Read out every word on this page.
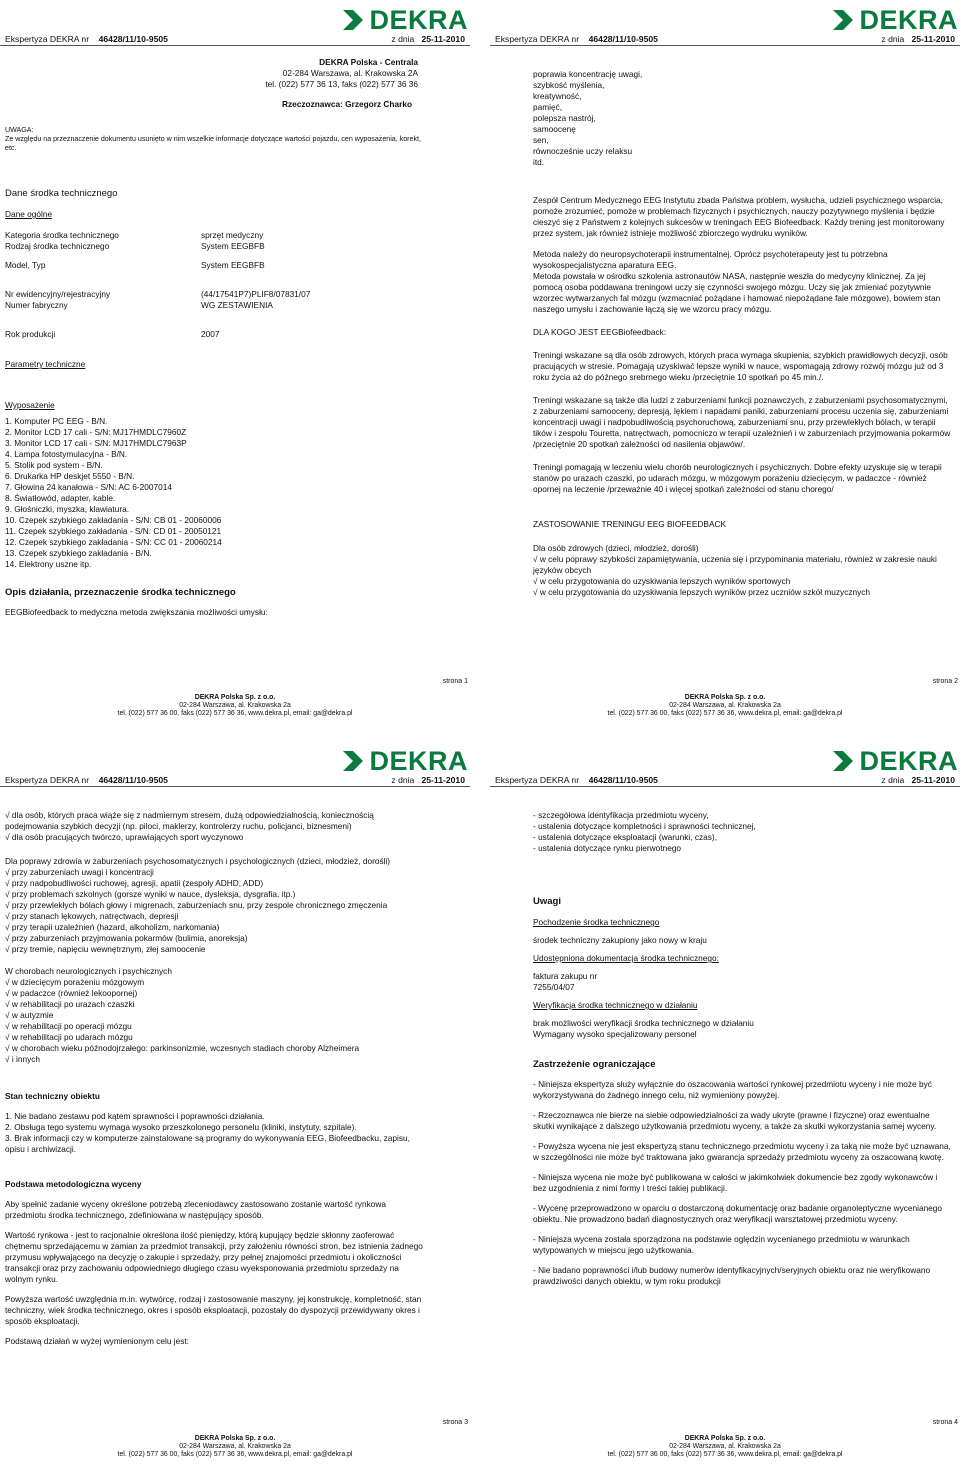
DEKRA
Ekspertyza DEKRA nr 46428/11/10-9505	z dnia 25-11-2010

DEKRA Polska - Centrala

02-284 Warszawa, al. Krakowska 2A

tel. (022) 577 36 13, faks (022) 577 36 36

Rzeczoznawca: Grzegorz Charko

UWAGA:

Ze względu na przeznaczenie dokumentu usunięto w nim wszelkie informacje dotyczące wartości pojazdu, cen wyposażenia, korekt, etc.

Dane środka technicznego

Dane ogólne

Kategoria środka technicznego	sprzęt medyczny
Rodzaj środka technicznego	System EEGBFB
Model, Typ	System EEGBFB
Nr ewidencyjny/rejestracyjny	(44/17541P7)PLIF8/07831/07
Numer fabryczny	WG ZESTAWIENIA
Rok produkcji	2007

Parametry techniczne

Wyposażenie

1. Komputer PC EEG - B/N.

2. Monitor LCD 17 cali - S/N: MJ17HMDLC7960Z

3. Monitor LCD 17 cali - S/N: MJ17HMDLC7963P

4. Lampa fotostymulacyjna - B/N.

5. Stolik pod system - B/N.

6. Drukarka HP deskjet 5550 - B/N.

7. Głowina 24 kanałowa - S/N: AC 6-2007014

8. Światłowód, adapter, kable.

9. Głośniczki, myszka, klawiatura.

10. Czepek szybkiego zakładania - S/N: CB 01 - 20060006

11. Czepek szybkiego zakładania - S/N: CD 01 - 20050121

12. Czepek szybkiego zakładania - S/N: CC 01 - 20060214

13. Czepek szybkiego zakładania - B/N.

14. Elektrony uszne itp.

Opis działania, przeznaczenie środka technicznego

EEGBiofeedback to medyczna metoda zwiększania możliwości umysłu:

strona 1
DEKRA Polska Sp. z o.o.
02-284 Warszawa, al. Krakowska 2a
tel. (022) 577 36 00, faks (022) 577 36 36, www.dekra.pl, email: ga@dekra.pl
DEKRA
Ekspertyza DEKRA nr 46428/11/10-9505	z dnia 25-11-2010

poprawia koncentrację uwagi,

szybkość myślenia,

kreatywność,

pamięć,

polepsza nastrój,

samoocenę

sen,

równocześnie uczy relaksu

itd.

Zespół Centrum Medycznego EEG Instytutu zbada Państwa problem, wysłucha, udzieli psychicznego wsparcia, pomoże zrozumieć, pomoże w problemach fizycznych i psychicznych, nauczy pozytywnego myślenia i będzie cieszyć się z Państwem z kolejnych sukcesów w treningach EEG Biofeedback. Każdy trening jest monitorowany przez system, jak również istnieje możliwość zbiorczego wydruku wyników.

Metoda należy do neuropsychoterapii instrumentalnej. Oprócz psychoterapeuty jest tu potrzebna wysokospecjalistyczna aparatura EEG.

Metoda powstała w ośrodku szkolenia astronautów NASA, następnie weszła do medycyny klinicznej. Za jej pomocą osoba poddawana treningowi uczy się czynności swojego mózgu. Uczy się jak zmieniać pozytywnie wzorzec wytwarzanych fal mózgu (wzmacniać pożądane i hamować niepożądane fale mózgowe), bowiem stan naszego umysłu i zachowanie łączą się we wzorcu pracy mózgu.

DLA KOGO JEST EEGBiofeedback:

Treningi wskazane są dla osób zdrowych, których praca wymaga skupienia, szybkich prawidłowych decyzji, osób pracujących w stresie. Pomagają uzyskiwać lepsze wyniki w nauce, wspomagają zdrowy rozwój mózgu już od 3 roku życia aż do późnego srebrnego wieku /przeciętnie 10 spotkań po 45 min./.

Treningi wskazane są także dla ludzi z zaburzeniami funkcji poznawczych, z zaburzeniami psychosomatycznymi, z zaburzeniami samooceny, depresją, lękiem i napadami paniki, zaburzeniami procesu uczenia się, zaburzeniami koncentracji uwagi i nadpobudliwością psychoruchową, zaburzeniami snu, przy przewlekłych bólach, w terapii tików i zespołu Touretta, natręctwach, pomocniczo w terapii uzależnień i w zaburzeniach przyjmowania pokarmów /przeciętnie 20 spotkań zależności od nasilenia objawów/.

Treningi pomagają w leczeniu wielu chorób neurologicznych i psychicznych. Dobre efekty uzyskuje się w terapii stanów po urazach czaszki, po udarach mózgu, w mózgowym porażeniu dziecięcym, w padaczce - również opornej na leczenie /przeważnie 40 i więcej spotkań zależności od stanu chorego/

ZASTOSOWANIE TRENINGU EEG BIOFEEDBACK

Dla osób zdrowych (dzieci, młodzież, dorośli)

√ w celu poprawy szybkości zapamiętywania, uczenia się i przypominania materiału, również w zakresie nauki języków obcych

√ w celu przygotowania do uzyskiwania lepszych wyników sportowych

√ w celu przygotowania do uzyskiwania lepszych wyników przez uczniów szkół muzycznych

strona 2
DEKRA Polska Sp. z o.o.
02-284 Warszawa, al. Krakowska 2a
tel. (022) 577 36 00, faks (022) 577 36 36, www.dekra.pl, email: ga@dekra.pl
DEKRA
Ekspertyza DEKRA nr 46428/11/10-9505	z dnia 25-11-2010

√ dla osób, których praca wiąże się z nadmiernym stresem, dużą odpowiedzialnością, koniecznością podejmowania szybkich decyzji (np. piloci, maklerzy, kontrolerzy ruchu, policjanci, biznesmeni)

√ dla osób pracujących twórczo, uprawiających sport wyczynowo

Dla poprawy zdrowia w zaburzeniach psychosomatycznych i psychologicznych (dzieci, młodzież, dorośli)

√ przy zaburzeniach uwagi i koncentracji

√ przy nadpobudliwości ruchowej, agresji, apatii (zespoły ADHD, ADD)

√ przy problemach szkolnych (gorsze wyniki w nauce, dysleksja, dysgrafia, itp.)

√ przy przewlekłych bólach głowy i migrenach, zaburzeniach snu, przy zespole chronicznego zmęczenia

√ przy stanach lękowych, natręctwach, depresji

√ przy terapii uzależnień (hazard, alkoholizm, narkomania)

√ przy zaburzeniach przyjmowania pokarmów (bulimia, anoreksja)

√ przy tremie, napięciu wewnętrznym, złej samoocenie

W chorobach neurologicznych i psychicznych

√ w dziecięcym porażeniu mózgowym

√ w padaczce (również lekoopornej)

√ w rehabilitacji po urazach czaszki

√ w autyzmie

√ w rehabilitacji po operacji mózgu

√ w rehabilitacji po udarach mózgu

√ w chorobach wieku późnodojrzałego: parkinsonizmie, wczesnych stadiach choroby Alzheimera

√ i innych

Stan techniczny obiektu

1. Nie badano zestawu pod kątem sprawności i poprawności działania.

2. Obsługa tego systemu wymaga wysoko przeszkolonego personelu (kliniki, instytuty, szpitale).

3. Brak informacji czy w komputerze zainstalowane są programy do wykonywania EEG, Biofeedbacku, zapisu, opisu i archiwizacji.

Podstawa metodologiczna wyceny

Aby spełnić zadanie wyceny określone potrzebą zleceniodawcy zastosowano zostanie wartość rynkowa przedmiotu środka technicznego, zdefiniowana w następujący sposób.

Wartość rynkowa - jest to racjonalnie określona ilość pieniędzy, którą kupujący będzie skłonny zaoferować chętnemu sprzedającemu w zamian za przedmiot transakcji, przy założeniu równości stron, bez istnienia żadnego przymusu wpływającego na decyzję o zakupie i sprzedaży, przy pełnej znajomości przedmiotu i okoliczności transakcji oraz przy zachowaniu odpowiedniego długiego czasu wyeksponowania przedmiotu sprzedaży na wolnym rynku.

Powyższa wartość uwzględnia m.in. wytwórcę, rodzaj i zastosowanie maszyny, jej konstrukcję, kompletność, stan techniczny, wiek środka technicznego, okres i sposób eksploatacji, pozostały do dyspozycji przewidywany okres i sposób eksploatacji.

Podstawą działań w wyżej wymienionym celu jest:

strona 3
DEKRA Polska Sp. z o.o.
02-284 Warszawa, al. Krakowska 2a
tel. (022) 577 36 00, faks (022) 577 36 36, www.dekra.pl, email: ga@dekra.pl
DEKRA
Ekspertyza DEKRA nr 46428/11/10-9505	z dnia 25-11-2010

- szczegółowa identyfikacja przedmiotu wyceny,

- ustalenia dotyczące kompletności i sprawności technicznej,

- ustalenia dotyczące eksploatacji (warunki, czas),

- ustalenia dotyczące rynku pierwotnego

Uwagi

Pochodzenie środka technicznego

środek techniczny zakupiony jako nowy w kraju

Udostępniona dokumentacja środka technicznego:

faktura zakupu nr

7255/04/07

Weryfikacja środka technicznego w działaniu

brak możliwości weryfikacji środka technicznego w działaniu

Wymagany wysoko specjalizowany personel

Zastrzeżenie ograniczające

- Niniejsza ekspertyza służy wyłącznie do oszacowania wartości rynkowej przedmiotu wyceny i nie może być wykorzystywana do żadnego innego celu, niż wymieniony powyżej.

- Rzeczoznawca nie bierze na siebie odpowiedzialności za wady ukryte (prawne i fizyczne) oraz ewentualne skutki wynikające z dalszego użytkowania przedmiotu wyceny, a także za skutki wykorzystania samej wyceny.

- Powyższa wycena nie jest ekspertyzą stanu technicznego przedmiotu wyceny i za taką nie może być uznawana, w szczególności nie może być traktowana jako gwarancja sprzedaży przedmiotu wyceny za oszacowaną kwotę.

- Niniejsza wycena nie może być publikowana w całości w jakimkolwiek dokumencie bez zgody wykonawców i bez uzgodnienia z nimi formy i treści takiej publikacji.

- Wycenę przeprowadzono w oparciu o dostarczoną dokumentację oraz badanie organoleptyczne wycenianego obiektu. Nie prowadzono badań diagnostycznych oraz weryfikacji warsztatowej przedmiotu wyceny.

- Niniejsza wycena została sporządzona na podstawie oględzin wycenianego przedmiotu w warunkach wytypowanych w miejscu jego użytkowania.

- Nie badano poprawności i/lub budowy numerów identyfikacyjnych/seryjnych obiektu oraz nie weryfikowano prawdziwości danych obiektu, w tym roku produkcji

strona 4
DEKRA Polska Sp. z o.o.
02-284 Warszawa, al. Krakowska 2a
tel. (022) 577 36 00, faks (022) 577 36 36, www.dekra.pl, email: ga@dekra.pl
